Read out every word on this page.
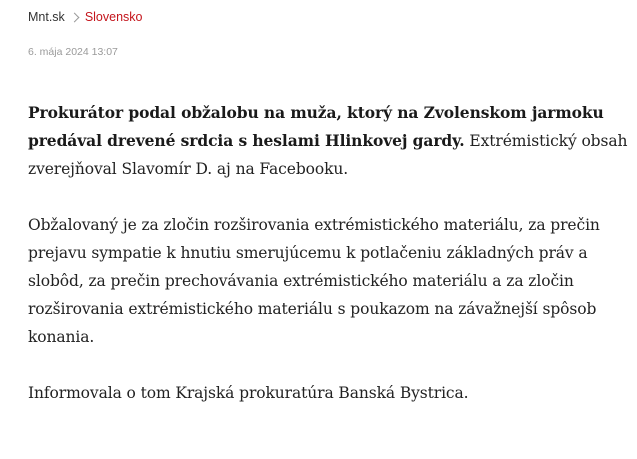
Mnt.sk Slovensko
6. mája 2024 13:07

Prokurátor podal obžalobu na muža, ktorý na Zvolenskom jarmoku predával drevené srdcia s heslami Hlinkovej gardy. Extrémistický obsah zverejňoval Slavomír D. aj na Facebooku.

Obžalovaný je za zločin rozširovania extrémistického materiálu, za prečin prejavu sympatie k hnutiu smerujúcemu k potlačeniu základných práv a slobôd, za prečin prechovávania extrémistického materiálu a za zločin rozširovania extrémistického materiálu s poukazom na závažnejší spôsob konania.

Informovala o tom Krajská prokuratúra Banská Bystrica.
